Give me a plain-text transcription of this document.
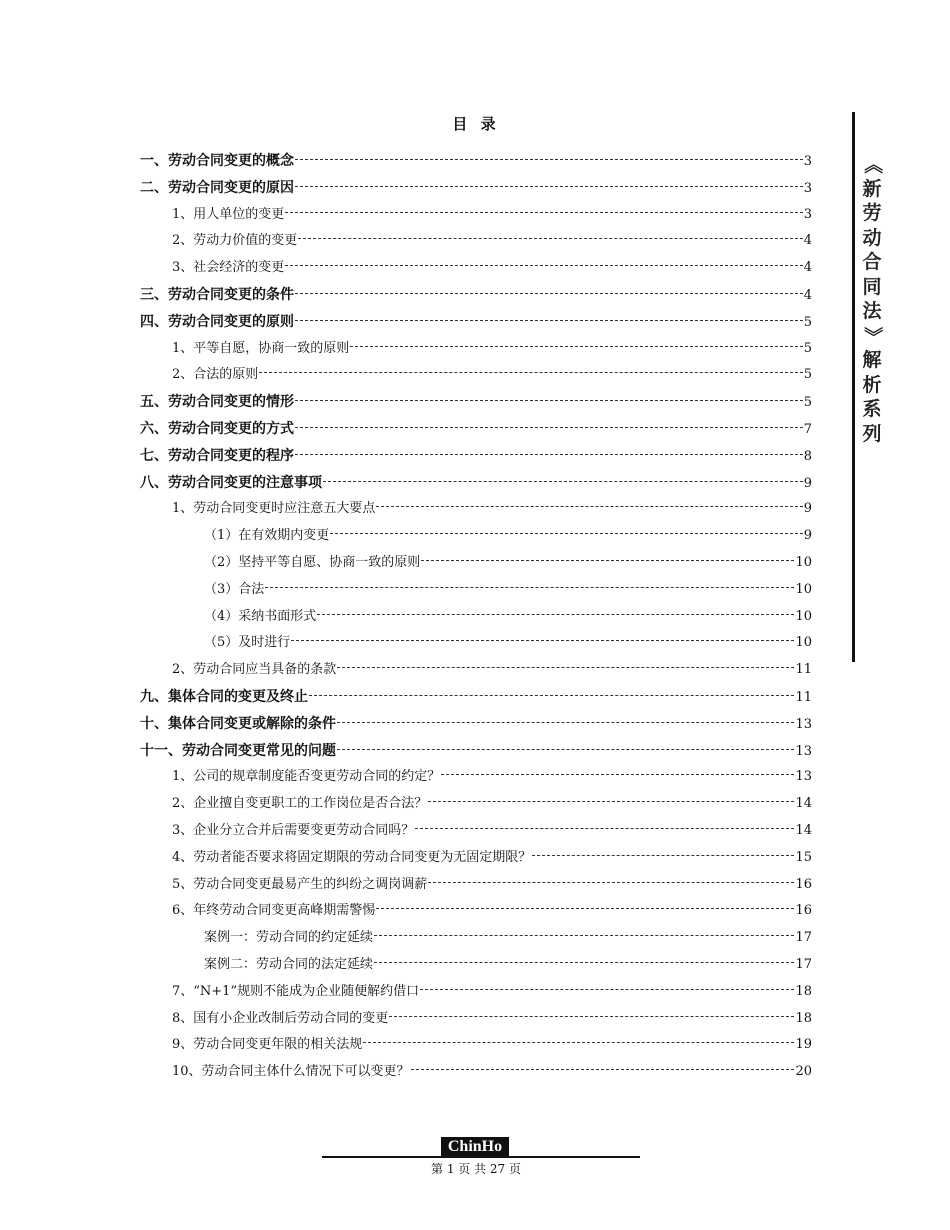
目 录
一、劳动合同变更的概念	3
二、劳动合同变更的原因	3
1、用人单位的变更	3
2、劳动力价值的变更	4
3、社会经济的变更	4
三、劳动合同变更的条件	4
四、劳动合同变更的原则	5
1、平等自愿，协商一致的原则	5
2、合法的原则	5
五、劳动合同变更的情形	5
六、劳动合同变更的方式	7
七、劳动合同变更的程序	8
八、劳动合同变更的注意事项	9
1、劳动合同变更时应注意五大要点	9
（1）在有效期内变更	9
（2）坚持平等自愿、协商一致的原则	10
（3）合法	10
（4）采纳书面形式	10
（5）及时进行	10
2、劳动合同应当具备的条款	11
九、集体合同的变更及终止	11
十、集体合同变更或解除的条件	13
十一、劳动合同变更常见的问题	13
1、公司的规章制度能否变更劳动合同的约定？	13
2、企业擅自变更职工的工作岗位是否合法？	14
3、企业分立合并后需要变更劳动合同吗？	14
4、劳动者能否要求将固定期限的劳动合同变更为无固定期限？	15
5、劳动合同变更最易产生的纠纷之调岗调薪	16
6、年终劳动合同变更高峰期需警惕	16
案例一：劳动合同的约定延续	17
案例二：劳动合同的法定延续	17
7、“N+1”规则不能成为企业随便解约借口	18
8、国有小企业改制后劳动合同的变更	18
9、劳动合同变更年限的相关法规	19
10、劳动合同主体什么情况下可以变更？	20
《
新
劳
动
合
同
法
》
解
析
系
列
ChinHo
第 1 页 共 27 页
